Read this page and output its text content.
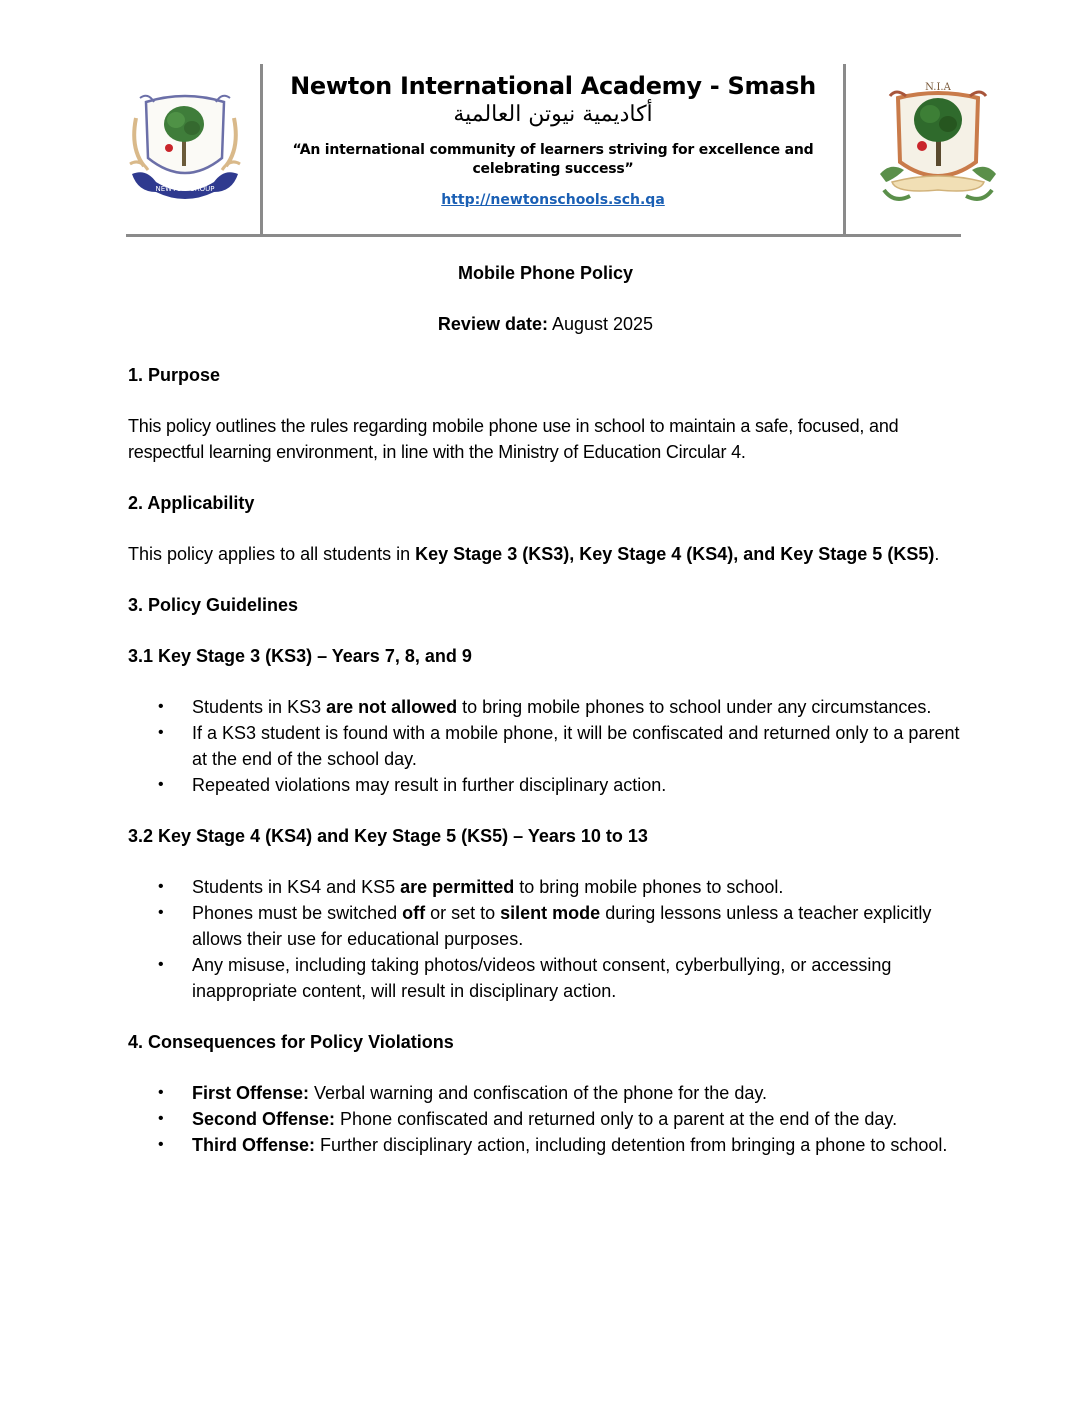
NEWTON GROUP
Newton International Academy - Smash
أكاديمية نيوتن العالمية
“An international community of learners striving for excellence and celebrating success”
http://newtonschools.sch.qa
N.I.A

Mobile Phone Policy

Review date: August 2025

1. Purpose

This policy outlines the rules regarding mobile phone use in school to maintain a safe, focused, and respectful learning environment, in line with the Ministry of Education Circular 4.

2. Applicability

This policy applies to all students in Key Stage 3 (KS3), Key Stage 4 (KS4), and Key Stage 5 (KS5).

3. Policy Guidelines

3.1 Key Stage 3 (KS3) – Years 7, 8, and 9

• Students in KS3 are not allowed to bring mobile phones to school under any circumstances.
• If a KS3 student is found with a mobile phone, it will be confiscated and returned only to a parent at the end of the school day.
• Repeated violations may result in further disciplinary action.

3.2 Key Stage 4 (KS4) and Key Stage 5 (KS5) – Years 10 to 13

• Students in KS4 and KS5 are permitted to bring mobile phones to school.
• Phones must be switched off or set to silent mode during lessons unless a teacher explicitly allows their use for educational purposes.
• Any misuse, including taking photos/videos without consent, cyberbullying, or accessing inappropriate content, will result in disciplinary action.

4. Consequences for Policy Violations

• First Offense: Verbal warning and confiscation of the phone for the day.
• Second Offense: Phone confiscated and returned only to a parent at the end of the day.
• Third Offense: Further disciplinary action, including detention from bringing a phone to school.
